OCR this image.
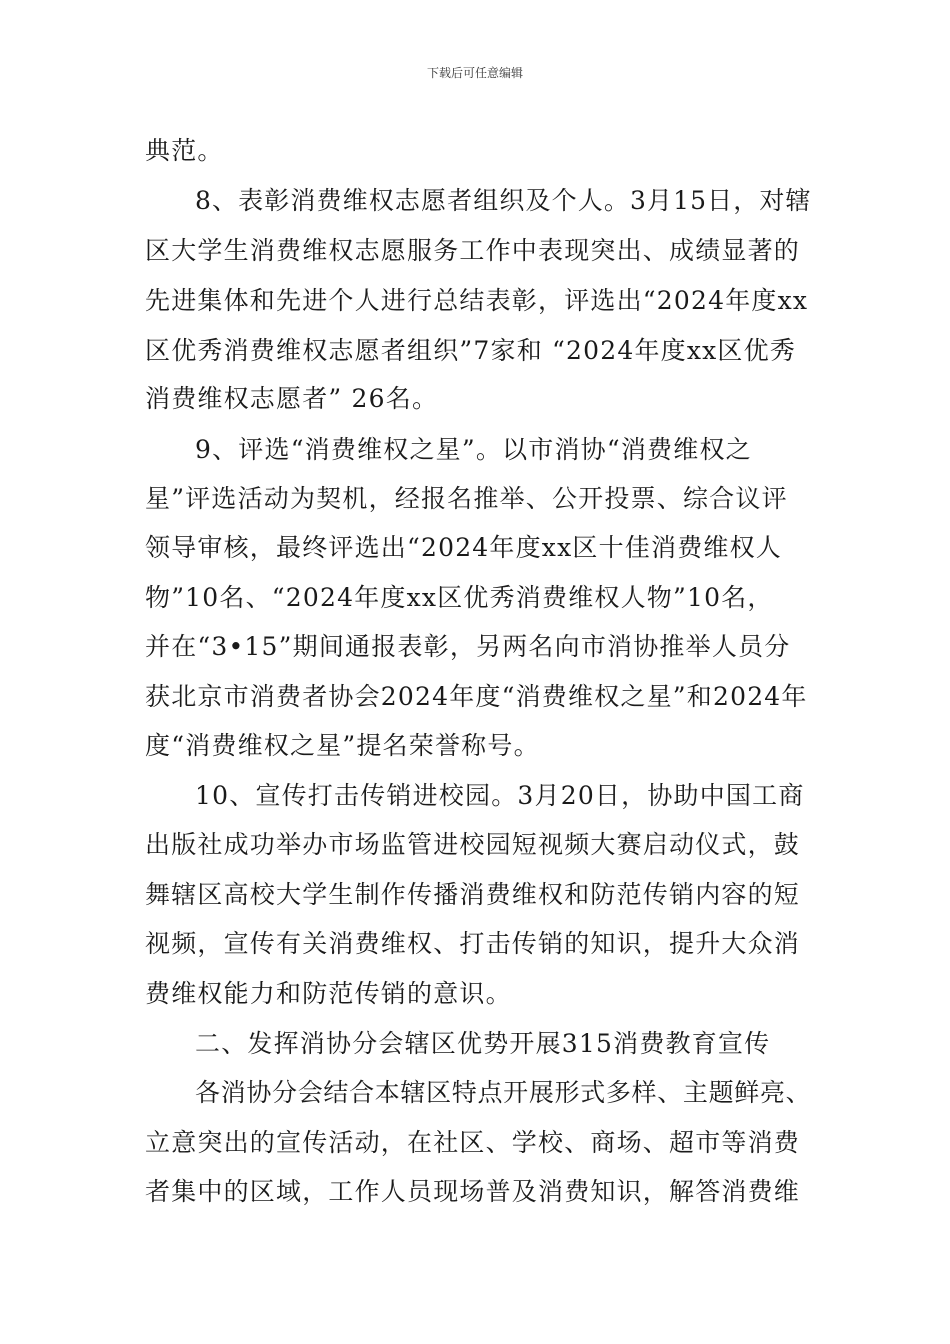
下载后可任意编辑
典范。
8、表彰消费维权志愿者组织及个人。3月15日，对辖
区大学生消费维权志愿服务工作中表现突出、成绩显著的
先进集体和先进个人进行总结表彰，评选出“2024年度xx
区优秀消费维权志愿者组织”7家和 “2024年度xx区优秀
消费维权志愿者” 26名。
9、评选“消费维权之星”。以市消协“消费维权之
星”评选活动为契机，经报名推举、公开投票、综合议评
领导审核，最终评选出“2024年度xx区十佳消费维权人
物”10名、“2024年度xx区优秀消费维权人物”10名，
并在“3•15”期间通报表彰，另两名向市消协推举人员分
获北京市消费者协会2024年度“消费维权之星”和2024年
度“消费维权之星”提名荣誉称号。
10、宣传打击传销进校园。3月20日，协助中国工商
出版社成功举办市场监管进校园短视频大赛启动仪式，鼓
舞辖区高校大学生制作传播消费维权和防范传销内容的短
视频，宣传有关消费维权、打击传销的知识，提升大众消
费维权能力和防范传销的意识。
二、发挥消协分会辖区优势开展315消费教育宣传
各消协分会结合本辖区特点开展形式多样、主题鲜亮、
立意突出的宣传活动，在社区、学校、商场、超市等消费
者集中的区域，工作人员现场普及消费知识，解答消费维
